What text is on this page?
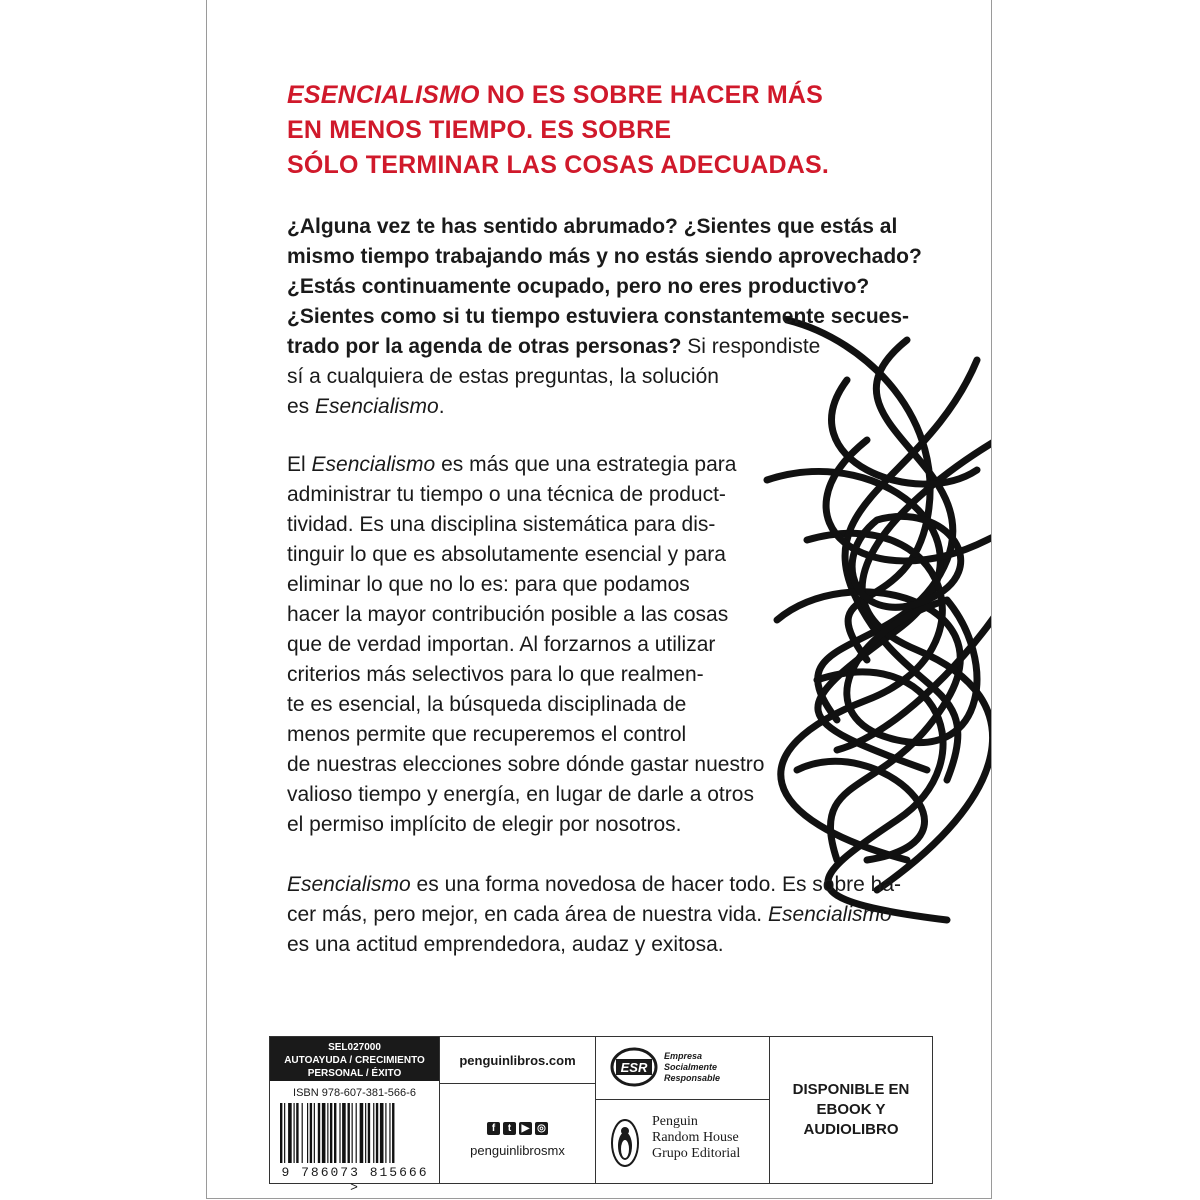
ESENCIALISMO NO ES SOBRE HACER MÁS
EN MENOS TIEMPO. ES SOBRE
SÓLO TERMINAR LAS COSAS ADECUADAS.
¿Alguna vez te has sentido abrumado? ¿Sientes que estás al
mismo tiempo trabajando más y no estás siendo aprovechado?
¿Estás continuamente ocupado, pero no eres productivo?
¿Sientes como si tu tiempo estuviera constantemente secues-
trado por la agenda de otras personas? Si respondiste
sí a cualquiera de estas preguntas, la solución
es Esencialismo.
El Esencialismo es más que una estrategia para
administrar tu tiempo o una técnica de product-
tividad. Es una disciplina sistemática para dis-
tinguir lo que es absolutamente esencial y para
eliminar lo que no lo es: para que podamos
hacer la mayor contribución posible a las cosas
que de verdad importan. Al forzarnos a utilizar
criterios más selectivos para lo que realmen-
te es esencial, la búsqueda disciplinada de
menos permite que recuperemos el control
de nuestras elecciones sobre dónde gastar nuestro
valioso tiempo y energía, en lugar de darle a otros
el permiso implícito de elegir por nosotros.
Esencialismo es una forma novedosa de hacer todo. Es sobre ha-
cer más, pero mejor, en cada área de nuestra vida. Esencialismo
es una actitud emprendedora, audaz y exitosa.
SEL027000
AUTOAYUDA / CRECIMIENTO
PERSONAL / ÉXITO
ISBN 978-607-381-566-6
9 786073 815666 >
penguinlibros.com
f	t	▶ ◎
penguinlibrosmx
ESR
Empresa
Socialmente
Responsable
Penguin
Random House
Grupo Editorial
DISPONIBLE EN
EBOOK Y AUDIOLIBRO
